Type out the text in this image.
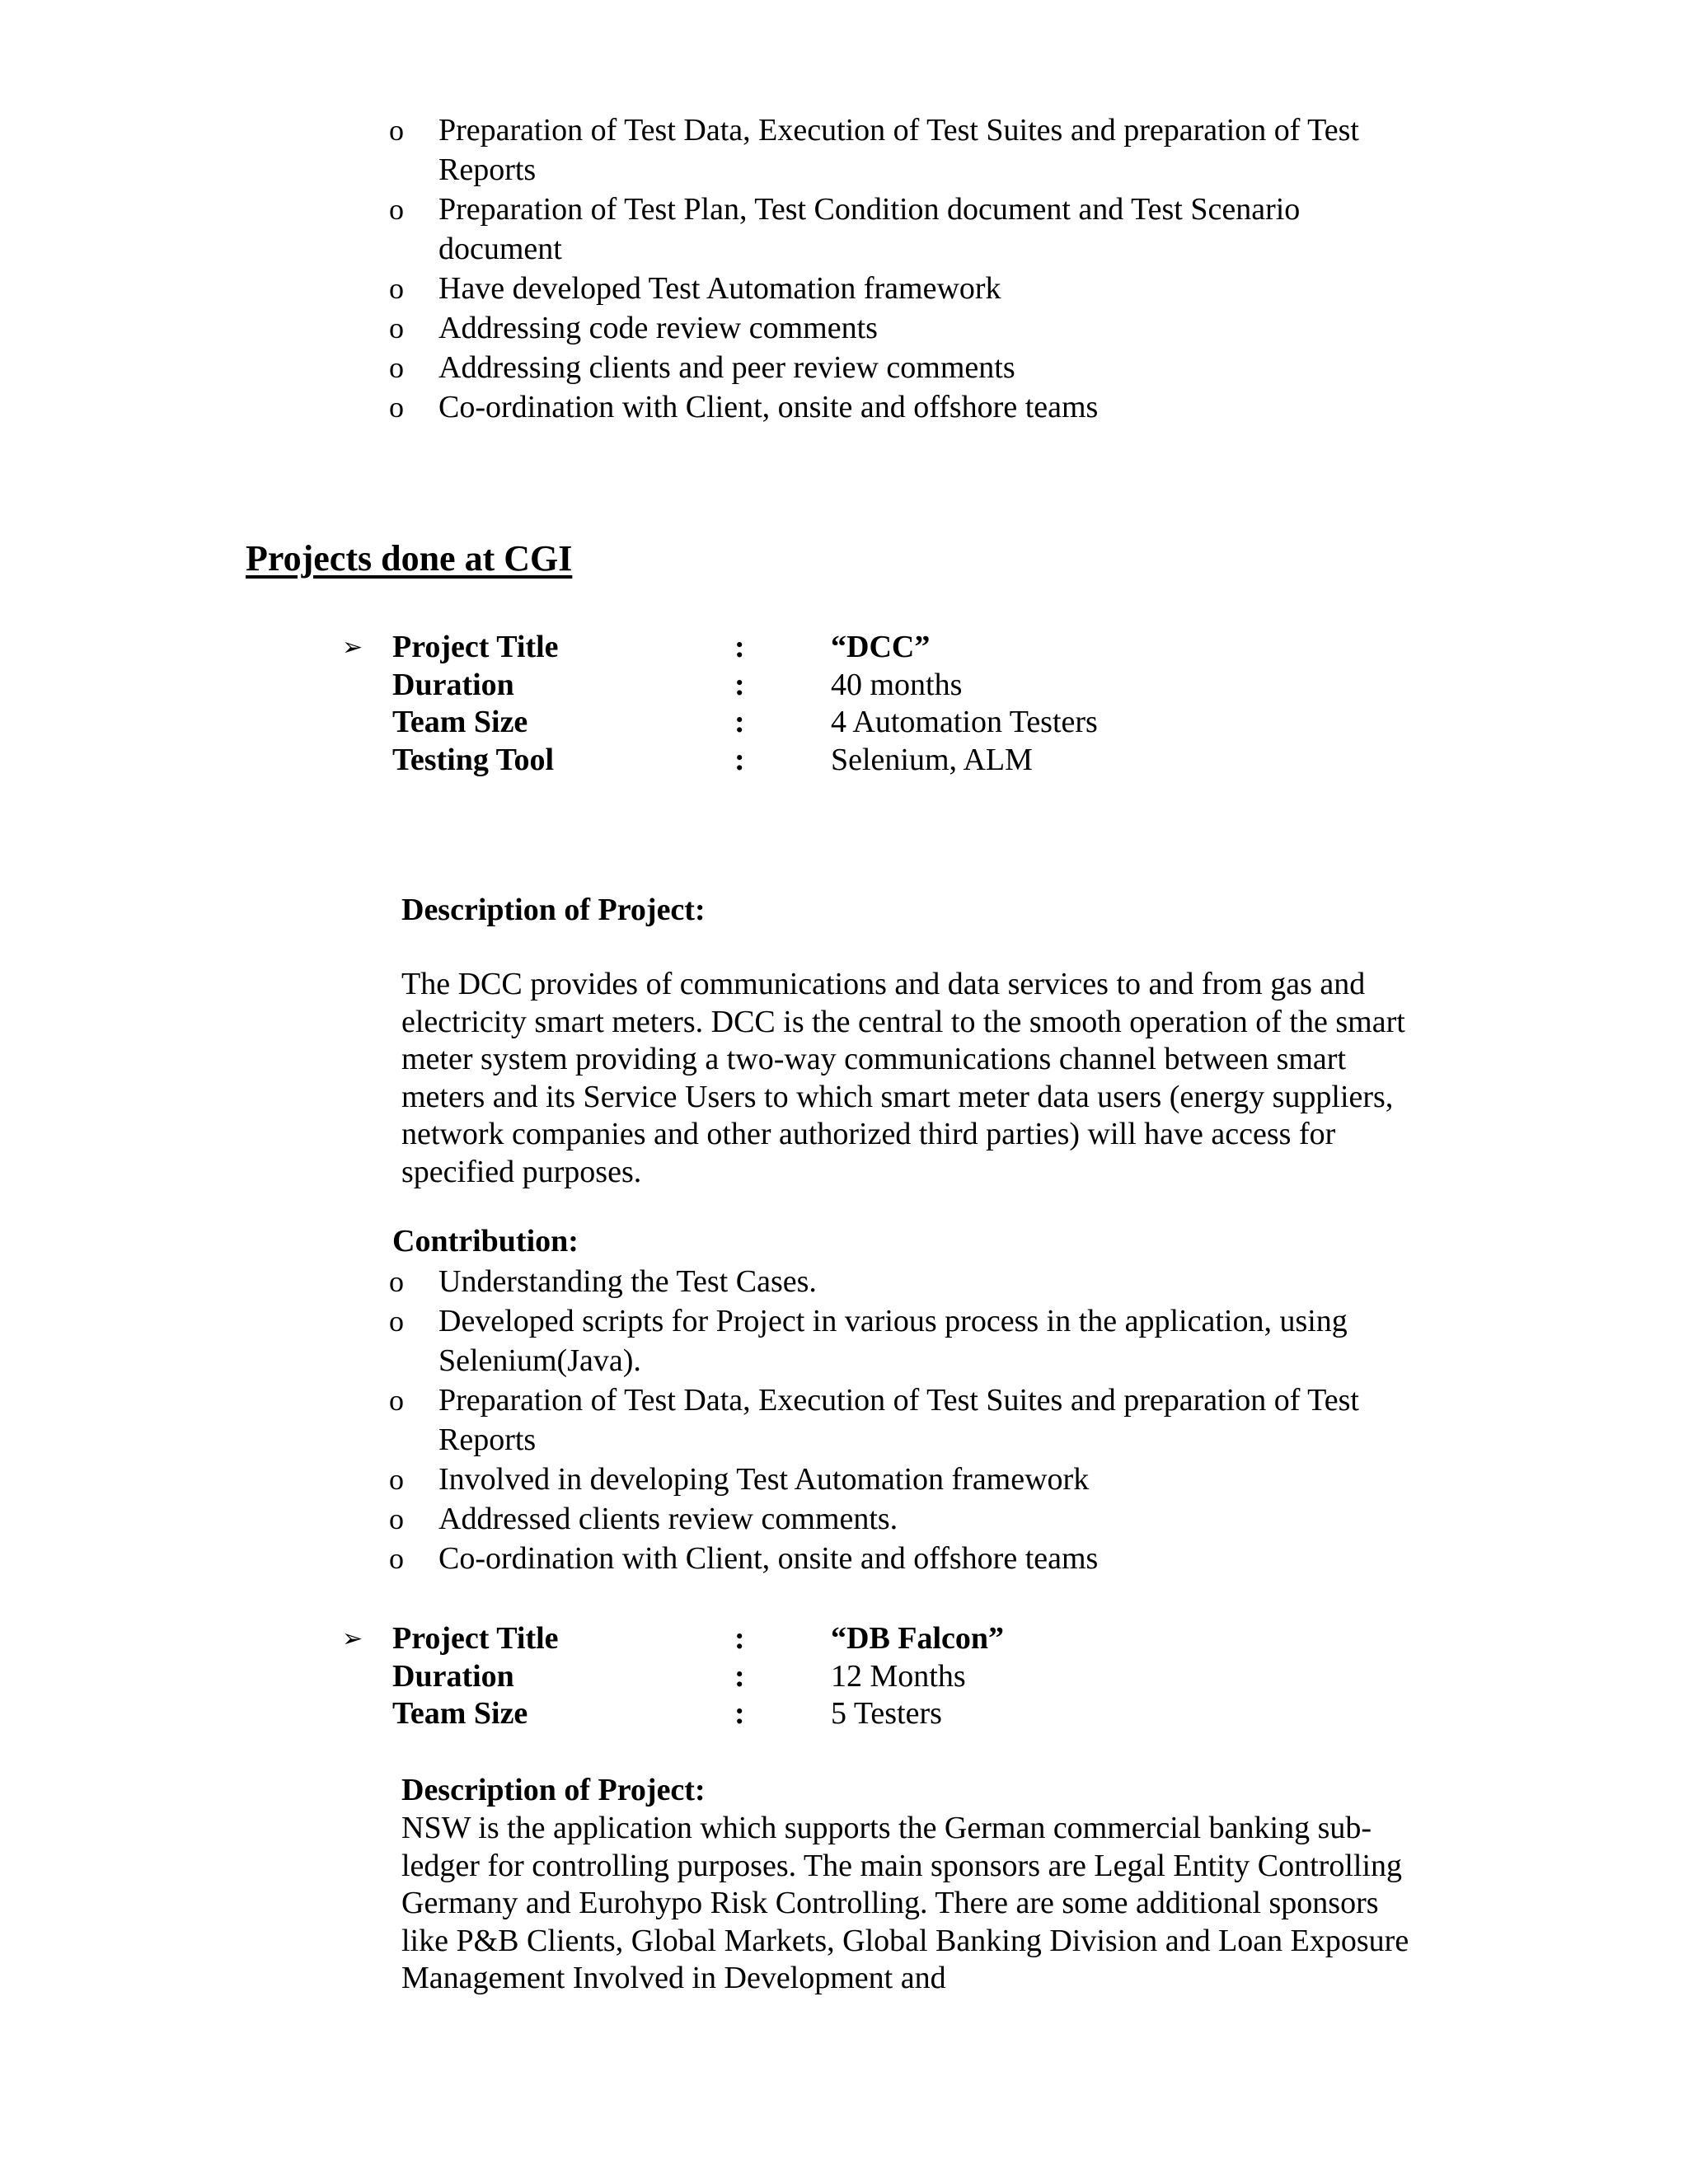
o Preparation of Test Data, Execution of Test Suites and preparation of Test Reports
o Preparation of Test Plan, Test Condition document and Test Scenario document
o Have developed Test Automation framework
o Addressing code review comments
o Addressing clients and peer review comments
o Co-ordination with Client, onsite and offshore teams
Projects done at CGI
➢ Project Title	:	“DCC”
Duration	:	40 months
Team Size	:	4 Automation Testers
Testing Tool	:	Selenium, ALM
Description of Project:

The DCC provides of communications and data services to and from gas and electricity smart meters. DCC is the central to the smooth operation of the smart meter system providing a two-way communications channel between smart meters and its Service Users to which smart meter data users (energy suppliers, network companies and other authorized third parties) will have access for specified purposes.

Contribution:
o Understanding the Test Cases.
o Developed scripts for Project in various process in the application, using Selenium(Java).
o Preparation of Test Data, Execution of Test Suites and preparation of Test Reports
o Involved in developing Test Automation framework
o Addressed clients review comments.
o Co-ordination with Client, onsite and offshore teams
➢ Project Title	:	“DB Falcon”
Duration	:	12 Months
Team Size	:	5 Testers
Description of Project:

NSW is the application which supports the German commercial banking sub-ledger for controlling purposes. The main sponsors are Legal Entity Controlling Germany and Eurohypo Risk Controlling. There are some additional sponsors like P&B Clients, Global Markets, Global Banking Division and Loan Exposure Management Involved in Development and
